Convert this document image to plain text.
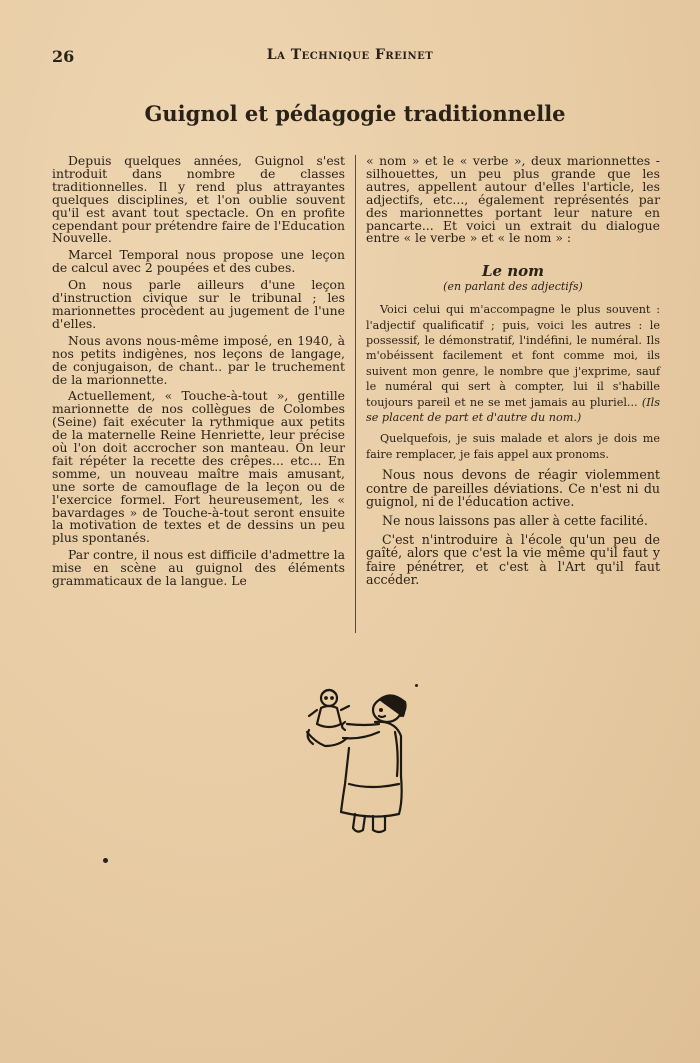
26	La Technique Freinet
Guignol et pédagogie traditionnelle

Depuis quelques années, Guignol s'est introduit dans nombre de classes traditionnelles. Il y rend plus attrayantes quelques disciplines, et l'on oublie souvent qu'il est avant tout spectacle. On en profite cependant pour prétendre faire de l'Education Nouvelle.

Marcel Temporal nous propose une leçon de calcul avec 2 poupées et des cubes.

On nous parle ailleurs d'une leçon d'instruction civique sur le tribunal ; les marionnettes procèdent au jugement de l'une d'elles.

Nous avons nous-même imposé, en 1940, à nos petits indigènes, nos leçons de langage, de conjugaison, de chant.. par le truchement de la marionnette.

Actuellement, « Touche-à-tout », gentille marionnette de nos collègues de Colombes (Seine) fait exécuter la rythmique aux petits de la maternelle Reine Henriette, leur précise où l'on doit accrocher son manteau. On leur fait répéter la recette des crêpes... etc... En somme, un nouveau maître mais amusant, une sorte de camouflage de la leçon ou de l'exercice formel. Fort heureusement, les « bavardages » de Touche-à-tout seront ensuite la motivation de textes et de dessins un peu plus spontanés.

Par contre, il nous est difficile d'admettre la mise en scène au guignol des éléments grammaticaux de la langue. Le

« nom » et le « verbe », deux marionnettes - silhouettes, un peu plus grande que les autres, appellent autour d'elles l'article, les adjectifs, etc..., également représentés par des marionnettes portant leur nature en pancarte... Et voici un extrait du dialogue entre « le verbe » et « le nom » :

Le nom
(en parlant des adjectifs)

Voici celui qui m'accompagne le plus souvent : l'adjectif qualificatif ; puis, voici les autres : le possessif, le démonstratif, l'indéfini, le numéral. Ils m'obéissent facilement et font comme moi, ils suivent mon genre, le nombre que j'exprime, sauf le numéral qui sert à compter, lui il s'habille toujours pareil et ne se met jamais au pluriel... (Ils se placent de part et d'autre du nom.)

Quelquefois, je suis malade et alors je dois me faire remplacer, je fais appel aux pronoms.

Nous nous devons de réagir violemment contre de pareilles déviations. Ce n'est ni du guignol, ni de l'éducation active.

Ne nous laissons pas aller à cette facilité.

C'est n'introduire à l'école qu'un peu de gaîté, alors que c'est la vie même qu'il faut y faire pénétrer, et c'est à l'Art qu'il faut accéder.
